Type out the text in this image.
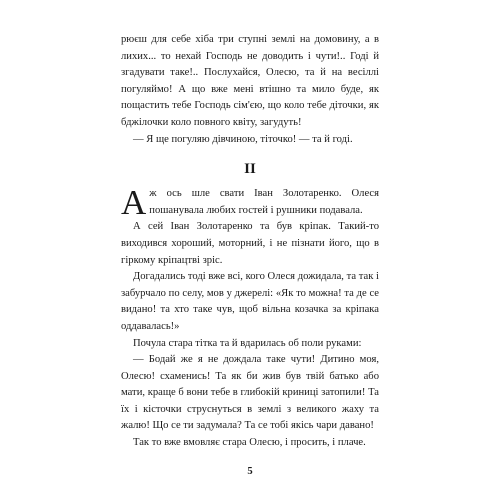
рюєш для себе хіба три ступні землі на домовину, а в лихих... то нехай Господь не доводить і чути!.. Годі й згадувати таке!.. Послухайся, Олесю, та й на весіллі погуляймо! А що вже мені втішно та мило буде, як пощастить тебе Господь сім'єю, що коло тебе діточки, як бджілочки коло повного квіту, загудуть!

— Я ще погуляю дівчиною, тіточко! — та й годі.

II

Аж ось шле свати Іван Золотаренко. Олеся пошанувала любих гостей і рушники подавала.

А сей Іван Золотаренко та був кріпак. Такий-то виходився хороший, моторний, і не пізнати його, що в гіркому кріпацтві зріс.

Догадались тоді вже всі, кого Олеся дожидала, та так і забурчало по селу, мов у джерелі: «Як то можна! та де се видано! та хто таке чув, щоб вільна козачка за кріпака оддавалась!»

Почула стара тітка та й вдарилась об поли руками:

— Бодай же я не дождала таке чути! Дитино моя, Олесю! схаменись! Та як би жив був твій батько або мати, краще б вони тебе в глибокій криниці затопили! Та їх і кісточки струснуться в землі з великого жаху та жалю! Що се ти задумала? Та се тобі якісь чари давано!

Так то вже вмовляє стара Олесю, і просить, і плаче.

5
